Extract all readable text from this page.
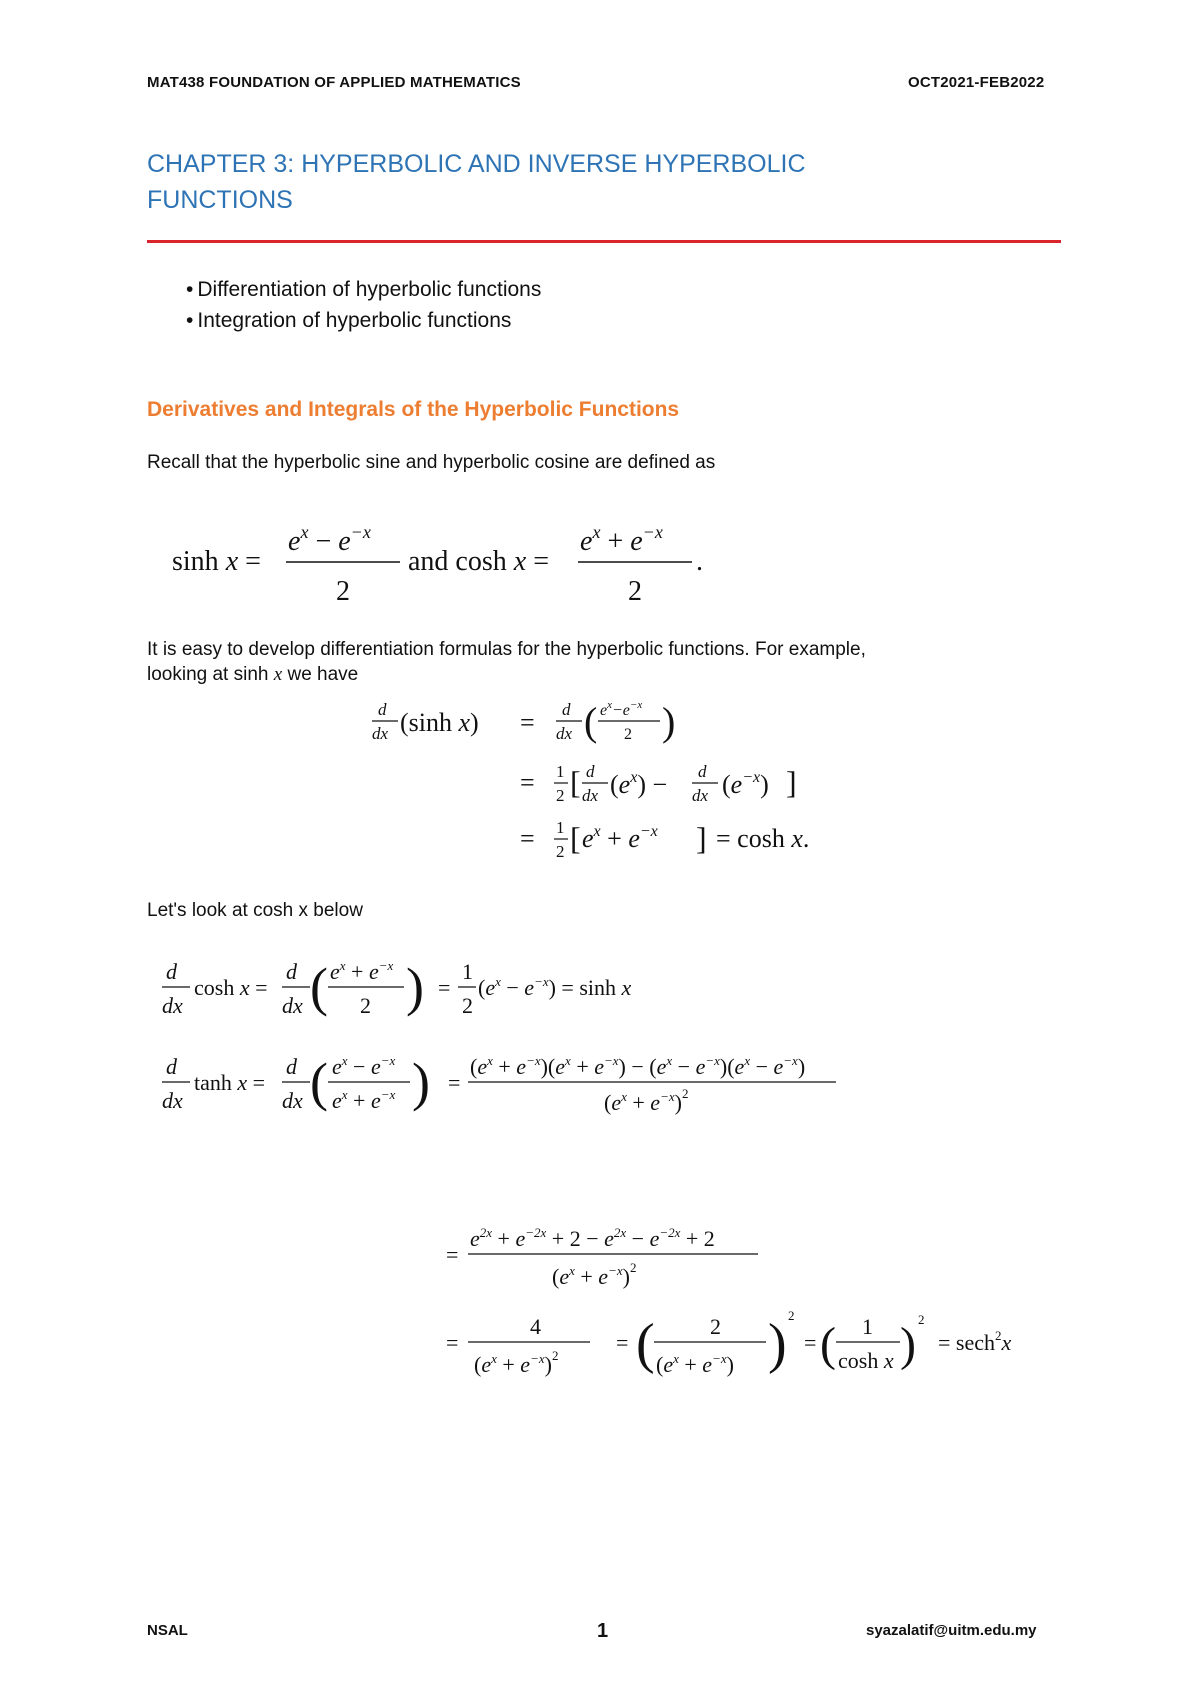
MAT438 FOUNDATION OF APPLIED MATHEMATICS	OCT2021-FEB2022
CHAPTER 3: HYPERBOLIC AND INVERSE HYPERBOLIC
FUNCTIONS
• Differentiation of hyperbolic functions
• Integration of hyperbolic functions
Derivatives and Integrals of the Hyperbolic Functions
Recall that the hyperbolic sine and hyperbolic cosine are defined as
sinh x =
$e^x - e^{-x}$
2
and cosh x =
$e^x + e^{-x}$
2
.
It is easy to develop differentiation formulas for the hyperbolic functions. For example,
looking at sinh x we have
d
dx (sinh x) = d
dx ( $e^x-e^{-x}$
2 )
= 1
2 [ d
dx $(e^x) - d$
dx $(e^{-x})$ ]
= 1
2 [ $e^x + e^{-x}$ ] = cosh x.
Let's look at cosh x below
d
dx
cosh x =
d
dx ( $e^x + e^{-x}$
2 ) =
1
2
$(e^x - e^{-x}) = \sinh x$
d
dx
tanh x =
d
dx ( $e^x - e^{-x}$
$e^x + e^{-x}$ ) =
$(e^x + e^{-x})(e^x + e^{-x}) - (e^x - e^{-x})(e^x - e^{-x})$
$(e^x + e^{-x})^2$
=
$e^{2x} + e^{-2x} + 2 - e^{2x} - e^{-2x} + 2$
$(e^x + e^{-x})^2$
=
4
$(e^x + e^{-x})^2$
= (	2
$(e^x + e^{-x})$ ) 2
= ( 1
cosh x ) 2
= sech$^2$x
NSAL	1	syazalatif@uitm.edu.my
